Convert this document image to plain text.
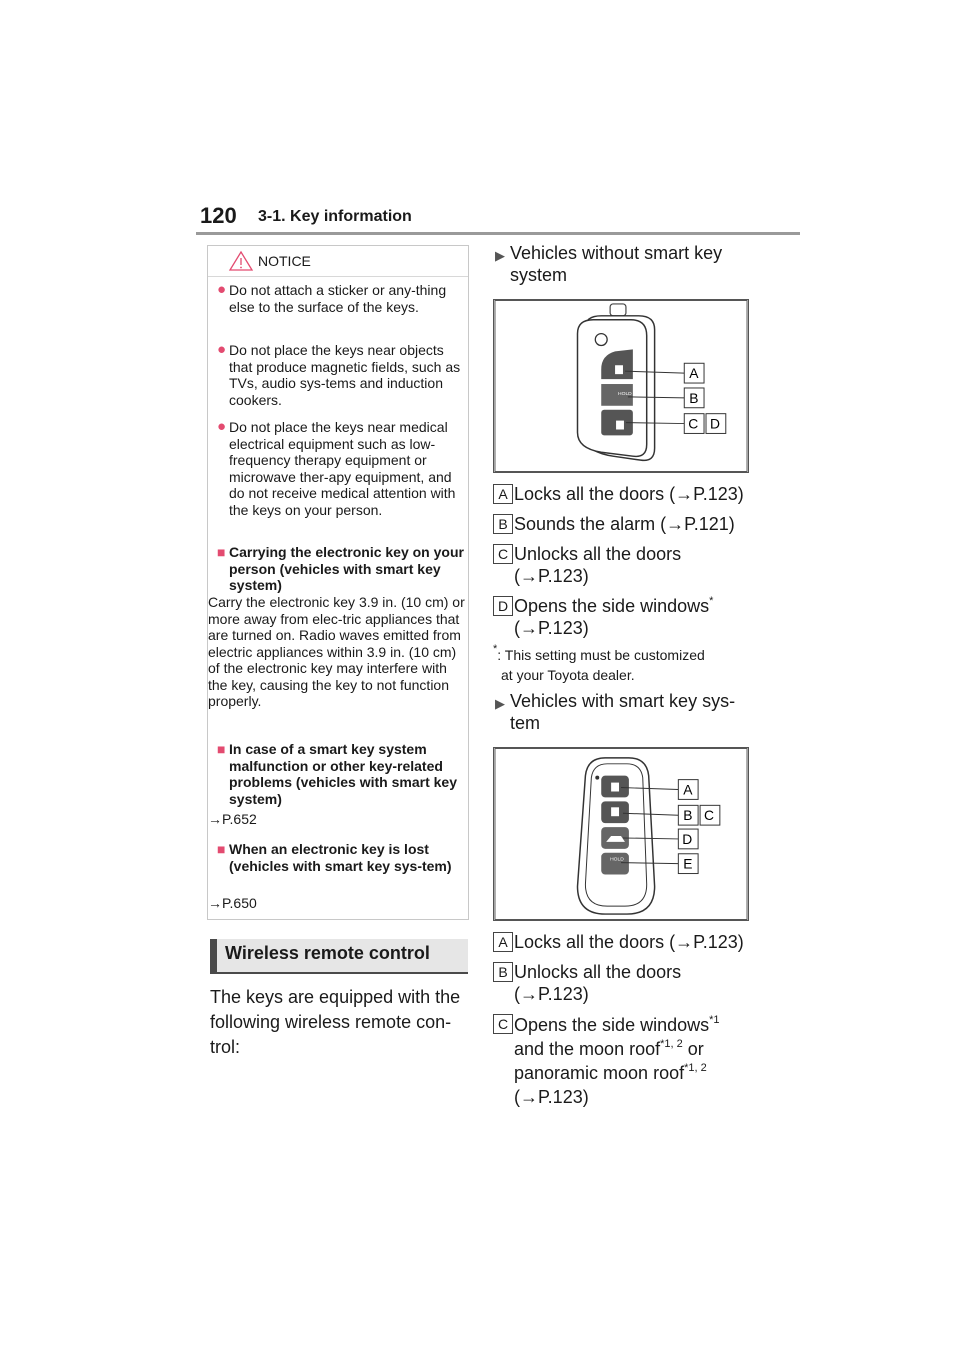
120 3-1. Key information
NOTICE
● Do not attach a sticker or any-thing else to the surface of the keys.
● Do not place the keys near objects that produce magnetic fields, such as TVs, audio sys-tems and induction cookers.
● Do not place the keys near medical electrical equipment such as low-frequency therapy equipment or microwave ther-apy equipment, and do not receive medical attention with the keys on your person.
■ Carrying the electronic key on your person (vehicles with smart key system)
Carry the electronic key 3.9 in. (10 cm) or more away from elec-tric appliances that are turned on. Radio waves emitted from electric appliances within 3.9 in. (10 cm) of the electronic key may interfere with the key, causing the key to not function properly.
■ In case of a smart key system malfunction or other key-related problems (vehicles with smart key system)
→P.652
■ When an electronic key is lost (vehicles with smart key sys-tem)
→P.650
Wireless remote control
The keys are equipped with the following wireless remote con-trol:
▶ Vehicles without smart key
system
HOLD
A
B
C D
A Locks all the doors (→P.123)
B Sounds the alarm (→P.121)
C Unlocks all the doors
(→P.123)
D Opens the side windows*
(→P.123)
*: This setting must be customized
at your Toyota dealer.
▶ Vehicles with smart key sys-
tem
HOLD
A
B C
D
E
A Locks all the doors (→P.123)
B Unlocks all the doors
(→P.123)
C Opens the side windows$^{*1}$
and the moon roof$^{*1, 2}$ or
panoramic moon roof$^{*1, 2}$
(→P.123)
